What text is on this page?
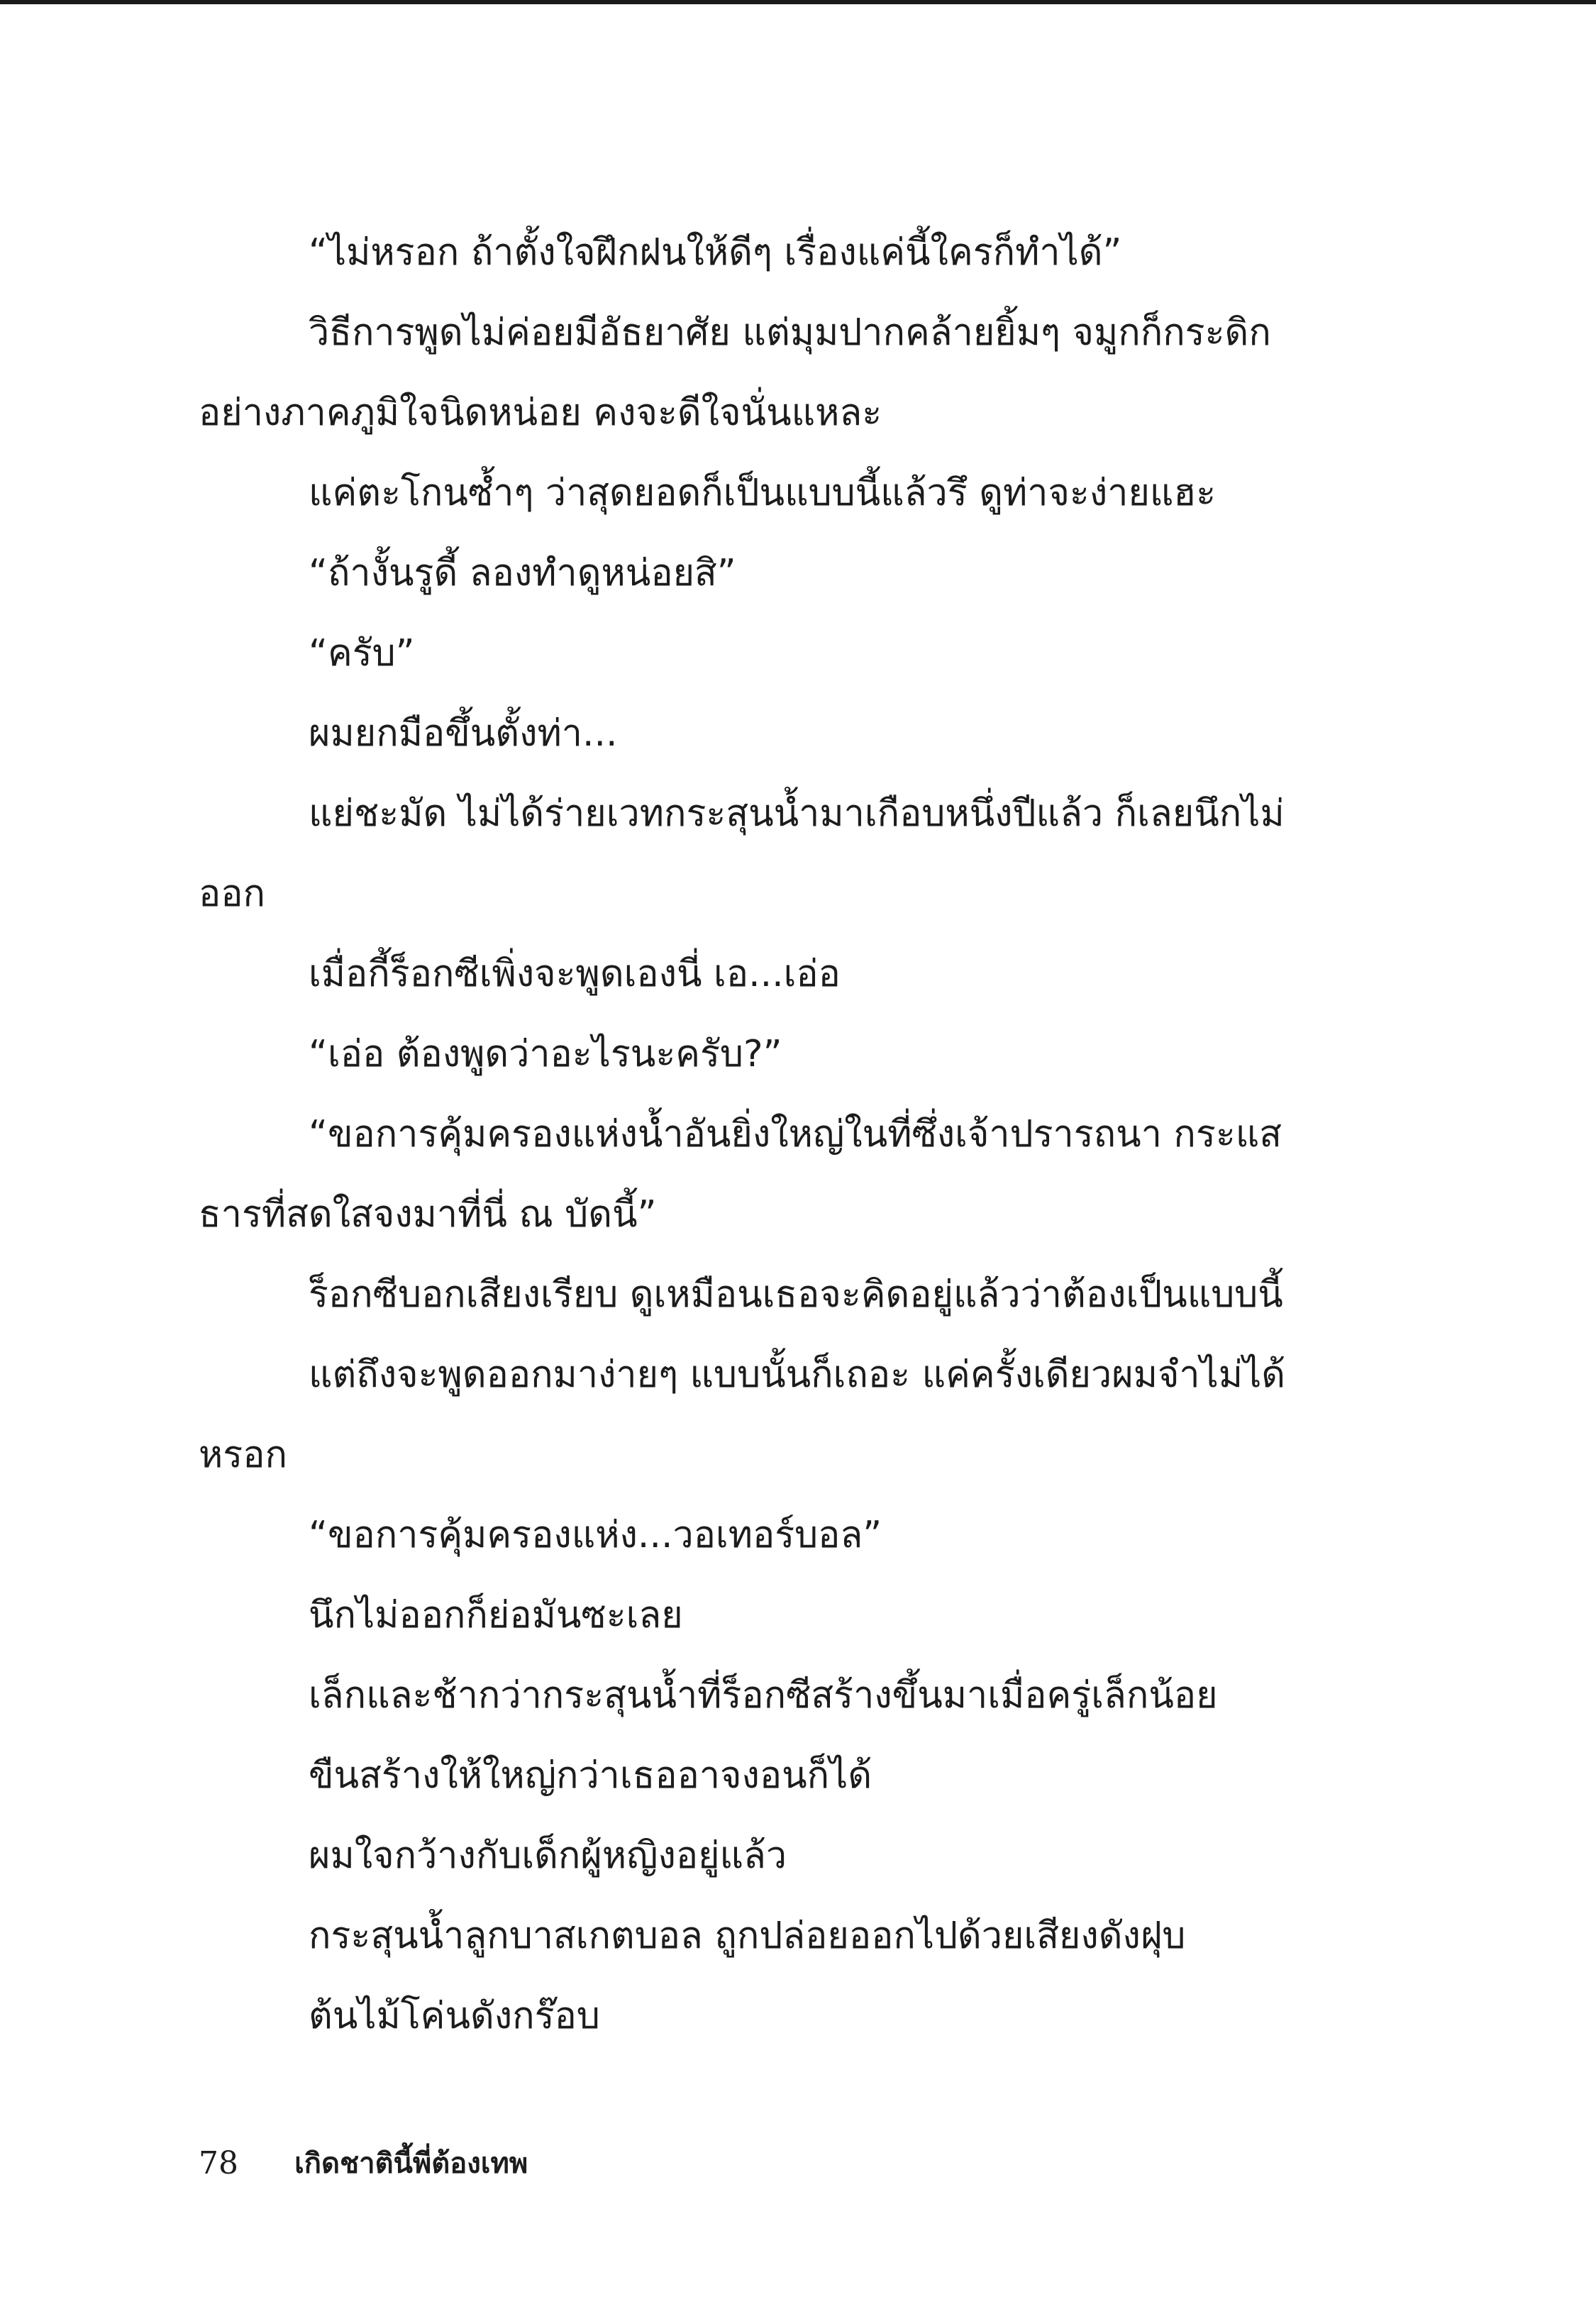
“ไม่หรอก ถ้าตั้งใจฝึกฝนให้ดีๆ เรื่องแค่นี้ใครก็ทำได้”
วิธีการพูดไม่ค่อยมีอัธยาศัย แต่มุมปากคล้ายยิ้มๆ จมูกก็กระดิก
อย่างภาคภูมิใจนิดหน่อย คงจะดีใจนั่นแหละ
แค่ตะโกนซ้ำๆ ว่าสุดยอดก็เป็นแบบนี้แล้วรึ ดูท่าจะง่ายแฮะ
“ถ้างั้นรูดี้ ลองทำดูหน่อยสิ”
“ครับ”
ผมยกมือขึ้นตั้งท่า...
แย่ชะมัด ไม่ได้ร่ายเวทกระสุนน้ำมาเกือบหนึ่งปีแล้ว ก็เลยนึกไม่
ออก
เมื่อกี้ร็อกซีเพิ่งจะพูดเองนี่ เอ...เอ่อ
“เอ่อ ต้องพูดว่าอะไรนะครับ?”
“ขอการคุ้มครองแห่งน้ำอันยิ่งใหญ่ในที่ซึ่งเจ้าปรารถนา กระแส
ธารที่สดใสจงมาที่นี่ ณ บัดนี้”
ร็อกซีบอกเสียงเรียบ ดูเหมือนเธอจะคิดอยู่แล้วว่าต้องเป็นแบบนี้
แต่ถึงจะพูดออกมาง่ายๆ แบบนั้นก็เถอะ แค่ครั้งเดียวผมจำไม่ได้
หรอก
“ขอการคุ้มครองแห่ง...วอเทอร์บอล”
นึกไม่ออกก็ย่อมันซะเลย
เล็กและช้ากว่ากระสุนน้ำที่ร็อกซีสร้างขึ้นมาเมื่อครู่เล็กน้อย
ขืนสร้างให้ใหญ่กว่าเธออาจงอนก็ได้
ผมใจกว้างกับเด็กผู้หญิงอยู่แล้ว
กระสุนน้ำลูกบาสเกตบอล ถูกปล่อยออกไปด้วยเสียงดังฝุบ
ต้นไม้โค่นดังกร๊อบ
78 เกิดชาตินี้พี่ต้องเทพ
